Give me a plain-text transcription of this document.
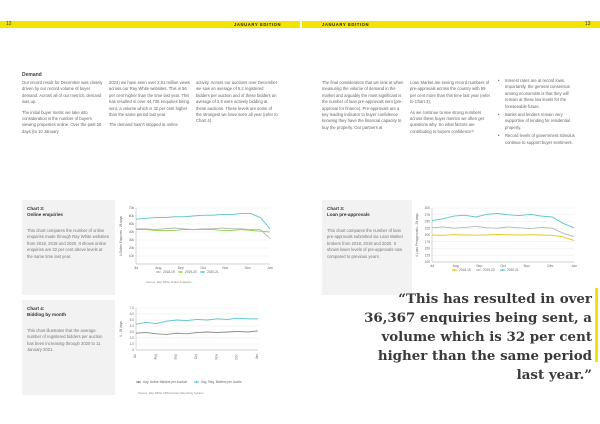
12	JANUARY EDITION
Demand

Our record result for December was closely driven by our record volume of buyer demand. Across all of our metrics, demand was up.

The initial buyer metric we take into consideration is the number of buyers viewing properties online. Over the past 28 days (to 10 January

2023) we have seen over 2.81 million views across our Ray White websites. This is 56 per cent higher than the time last year. This has resulted in over 44,726 enquiries being sent, a volume which is 32 per cent higher than the same period last year.

The demand hasn't stopped at online

activity. Across our auctions over December we saw an average of 5.2 registered bidders per auction and of these bidders an average of 2.5 were actively bidding at these auctions. These levels are some of the strongest we have seen all year (refer to Chart 4).

Chart 3:
Online enquiries
This chart compares the number of online enquiries made through Ray White websites from 2018, 2019 and 2020. It shows online enquiries are 32 per cent above levels at the same time last year.
# Online Enquiries - 28 days
70k
60k
50k
40k
30k
20k
10k
Jul	Aug	Sep	Oct	Nov	Dec	Jan
2018-19	2019-20	2020-21
Source: Ray White Online Analytics
Chart 4:
Bidding by month
This chart illustrates that the average number of registered bidders per auction has been increasing through 2020 to 11 January 2021.
# - 28 days
7.0
6.0
5.0
4.0
3.0
2.0
1.0
0
Jul	Aug	Sep	Oct	Nov	Dec	Jan
Avg. Active Bidders per Auction	Avg. Reg. Bidders per Auctio
Source: Ray White CRM Auction Reporting System
JANUARY EDITION	13

The final consideration that we look at when measuring the volume of demand in the market and arguably the most significant is the number of loan pre-approvals sent (pre-approval for finance). Pre-approvals are a key leading indicator to buyer confidence knowing they have the financial capacity to buy the property. Our partners at

Loan Market are seeing record numbers of pre-approvals across the country with 69 per cent more than this time last year (refer to Chart 3).

As we continue to see strong numbers across these buyer metrics we often get questions why. So what factors are contributing to buyers confidence?

• Interest rates are at record lows. Importantly, the general consensus among economists is that they will remain at these low levels for the foreseeable future.
• Banks and lenders remain very supportive of lending for residential property.
• Record levels of government stimulus continue to support buyer sentiment.
Chart 3:
Loan pre-approvals
This chart compares the number of loan pre-approvals submitted via Loan Market brokers from 2018, 2019 and 2020. It shows lower levels of pre-approvals now compared to previous years.	# Loan Preapprovals - 28 days
300
275
250
225
200
175
150
125
100
Jul	Aug	Sep	Oct	Nov	Dec	Jan
2018-19	2019-20	2020-21
“This has resulted in over 36,367 enquiries being sent, a volume which is 32 per cent higher than the same period last year.”
